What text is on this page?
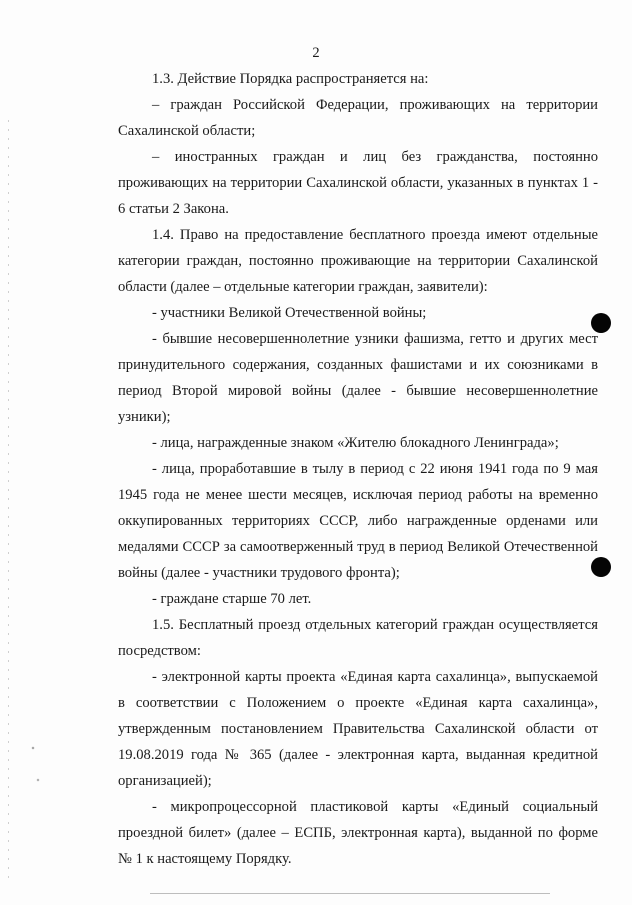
2

1.3. Действие Порядка распространяется на:

– граждан Российской Федерации, проживающих на территории Сахалинской области;

– иностранных граждан и лиц без гражданства, постоянно проживающих на территории Сахалинской области, указанных в пунктах 1 - 6 статьи 2 Закона.

1.4. Право на предоставление бесплатного проезда имеют отдельные категории граждан, постоянно проживающие на территории Сахалинской области (далее – отдельные категории граждан, заявители):

- участники Великой Отечественной войны;

- бывшие несовершеннолетние узники фашизма, гетто и других мест принудительного содержания, созданных фашистами и их союзниками в период Второй мировой войны (далее - бывшие несовершеннолетние узники);

- лица, награжденные знаком «Жителю блокадного Ленинграда»;

- лица, проработавшие в тылу в период с 22 июня 1941 года по 9 мая 1945 года не менее шести месяцев, исключая период работы на временно оккупированных территориях СССР, либо награжденные орденами или медалями СССР за самоотверженный труд в период Великой Отечественной войны (далее - участники трудового фронта);

- граждане старше 70 лет.

1.5. Бесплатный проезд отдельных категорий граждан осуществляется посредством:

- электронной карты проекта «Единая карта сахалинца», выпускаемой в соответствии с Положением о проекте «Единая карта сахалинца», утвержденным постановлением Правительства Сахалинской области от 19.08.2019 года № 365 (далее - электронная карта, выданная кредитной организацией);

- микропроцессорной пластиковой карты «Единый социальный проездной билет» (далее – ЕСПБ, электронная карта), выданной по форме № 1 к настоящему Порядку.
